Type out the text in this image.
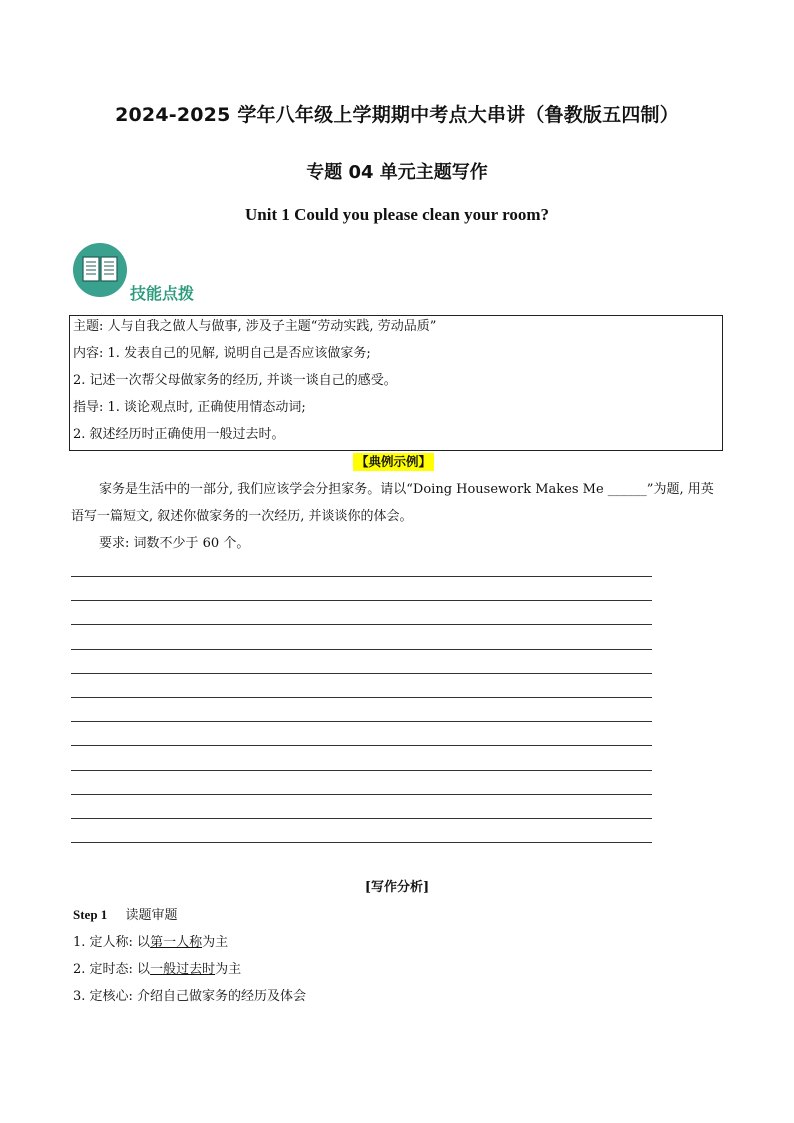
2024-2025 学年八年级上学期期中考点大串讲（鲁教版五四制）
专题 04 单元主题写作
Unit 1 Could you please clean your room?
技能点拨
主题: 人与自我之做人与做事, 涉及子主题“劳动实践, 劳动品质”
内容: 1. 发表自己的见解, 说明自己是否应该做家务;
2. 记述一次帮父母做家务的经历, 并谈一谈自己的感受。
指导: 1. 谈论观点时, 正确使用情态动词;
2. 叙述经历时正确使用一般过去时。
【典例示例】
家务是生活中的一部分, 我们应该学会分担家务。请以“Doing Housework Makes Me ______”为题, 用英
语写一篇短文, 叙述你做家务的一次经历, 并谈谈你的体会。
要求: 词数不少于 60 个。
[写作分析]
Step 1 读题审题
1. 定人称: 以第一人称为主
2. 定时态: 以一般过去时为主
3. 定核心: 介绍自己做家务的经历及体会
